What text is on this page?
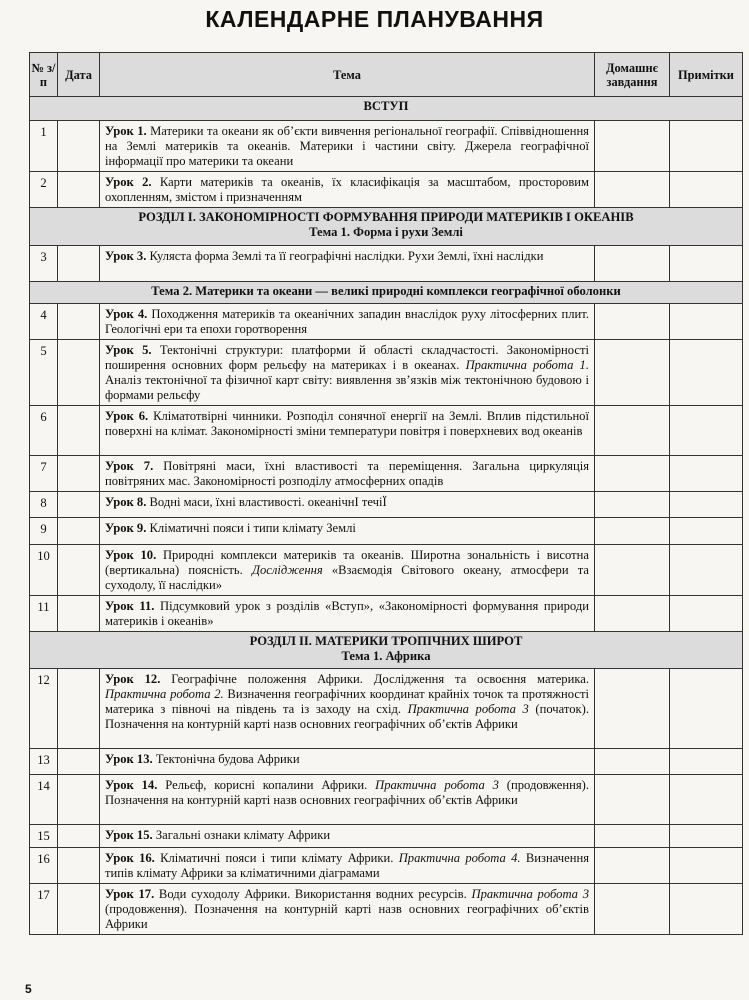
КАЛЕНДАРНЕ ПЛАНУВАННЯ
№ з/п	Дата	Тема	Домашнє завдання	Примітки

ВСТУП				

1		Урок 1. Материки та океани як об’єкти вивчення регіональної географії. Співвідношення на Землі материків та океанів. Материки і частини світу. Джерела географічної інформації про материки та океани		
2		Урок 2. Карти материків та океанів, їх класифікація за масштабом, просторовим охопленням, змістом і призначенням		

РОЗДІЛ І. ЗАКОНОМІРНОСТІ ФОРМУВАННЯ ПРИРОДИ МАТЕРИКІВ І ОКЕАНІВ
Тема 1. Форма і рухи Землі				

3		Урок 3. Куляста форма Землі та її географічні наслідки. Рухи Землі, їхні наслідки		

Тема 2. Материки та океани — великі природні комплекси географічної оболонки				

4		Урок 4. Походження материків та океанічних западин внаслідок руху літосферних плит. Геологічні ери та епохи горотворення		
5		Урок 5. Тектонічні структури: платформи й області складчастості. Закономірності поширення основних форм рельєфу на материках і в океанах. Практична робота 1. Аналіз тектонічної та фізичної карт світу: виявлення зв’язків між тектонічною будовою і формами рельєфу		
6		Урок 6. Кліматотвірні чинники. Розподіл сонячної енергії на Землі. Вплив підстильної поверхні на клімат. Закономірності зміни температури повітря і поверхневих вод океанів		
7		Урок 7. Повітряні маси, їхні властивості та переміщення. Загальна циркуляція повітряних мас. Закономірності розподілу атмосферних опадів		
8		Урок 8. Водні маси, їхні властивості. океанічнІ течіЇ		
9		Урок 9. Кліматичні пояси і типи клімату Землі		
10		Урок 10. Природні комплекси материків та океанів. Широтна зональність і висотна (вертикальна) поясність. Дослідження «Взаємодія Світового океану, атмосфери та суходолу, її наслідки»		
11		Урок 11. Підсумковий урок з розділів «Вступ», «Закономірності формування природи материків і океанів»		

РОЗДІЛ ІІ. МАТЕРИКИ ТРОПІЧНИХ ШИРОТ
Тема 1. Африка				

12		Урок 12. Географічне положення Африки. Дослідження та освоєння материка. Практична робота 2. Визначення географічних координат крайніх точок та протяжності материка з півночі на південь та із заходу на схід. Практична робота 3 (початок). Позначення на контурній карті назв основних географічних об’єктів Африки		
13		Урок 13. Тектонічна будова Африки		
14		Урок 14. Рельєф, корисні копалини Африки. Практична робота 3 (продовження). Позначення на контурній карті назв основних географічних об’єктів Африки		
15		Урок 15. Загальні ознаки клімату Африки		
16		Урок 16. Кліматичні пояси і типи клімату Африки. Практична робота 4. Визначення типів клімату Африки за кліматичними діаграмами		
17		Урок 17. Води суходолу Африки. Використання водних ресурсів. Практична робота 3 (продовження). Позначення на контурній карті назв основних географічних об’єктів Африки		
5
